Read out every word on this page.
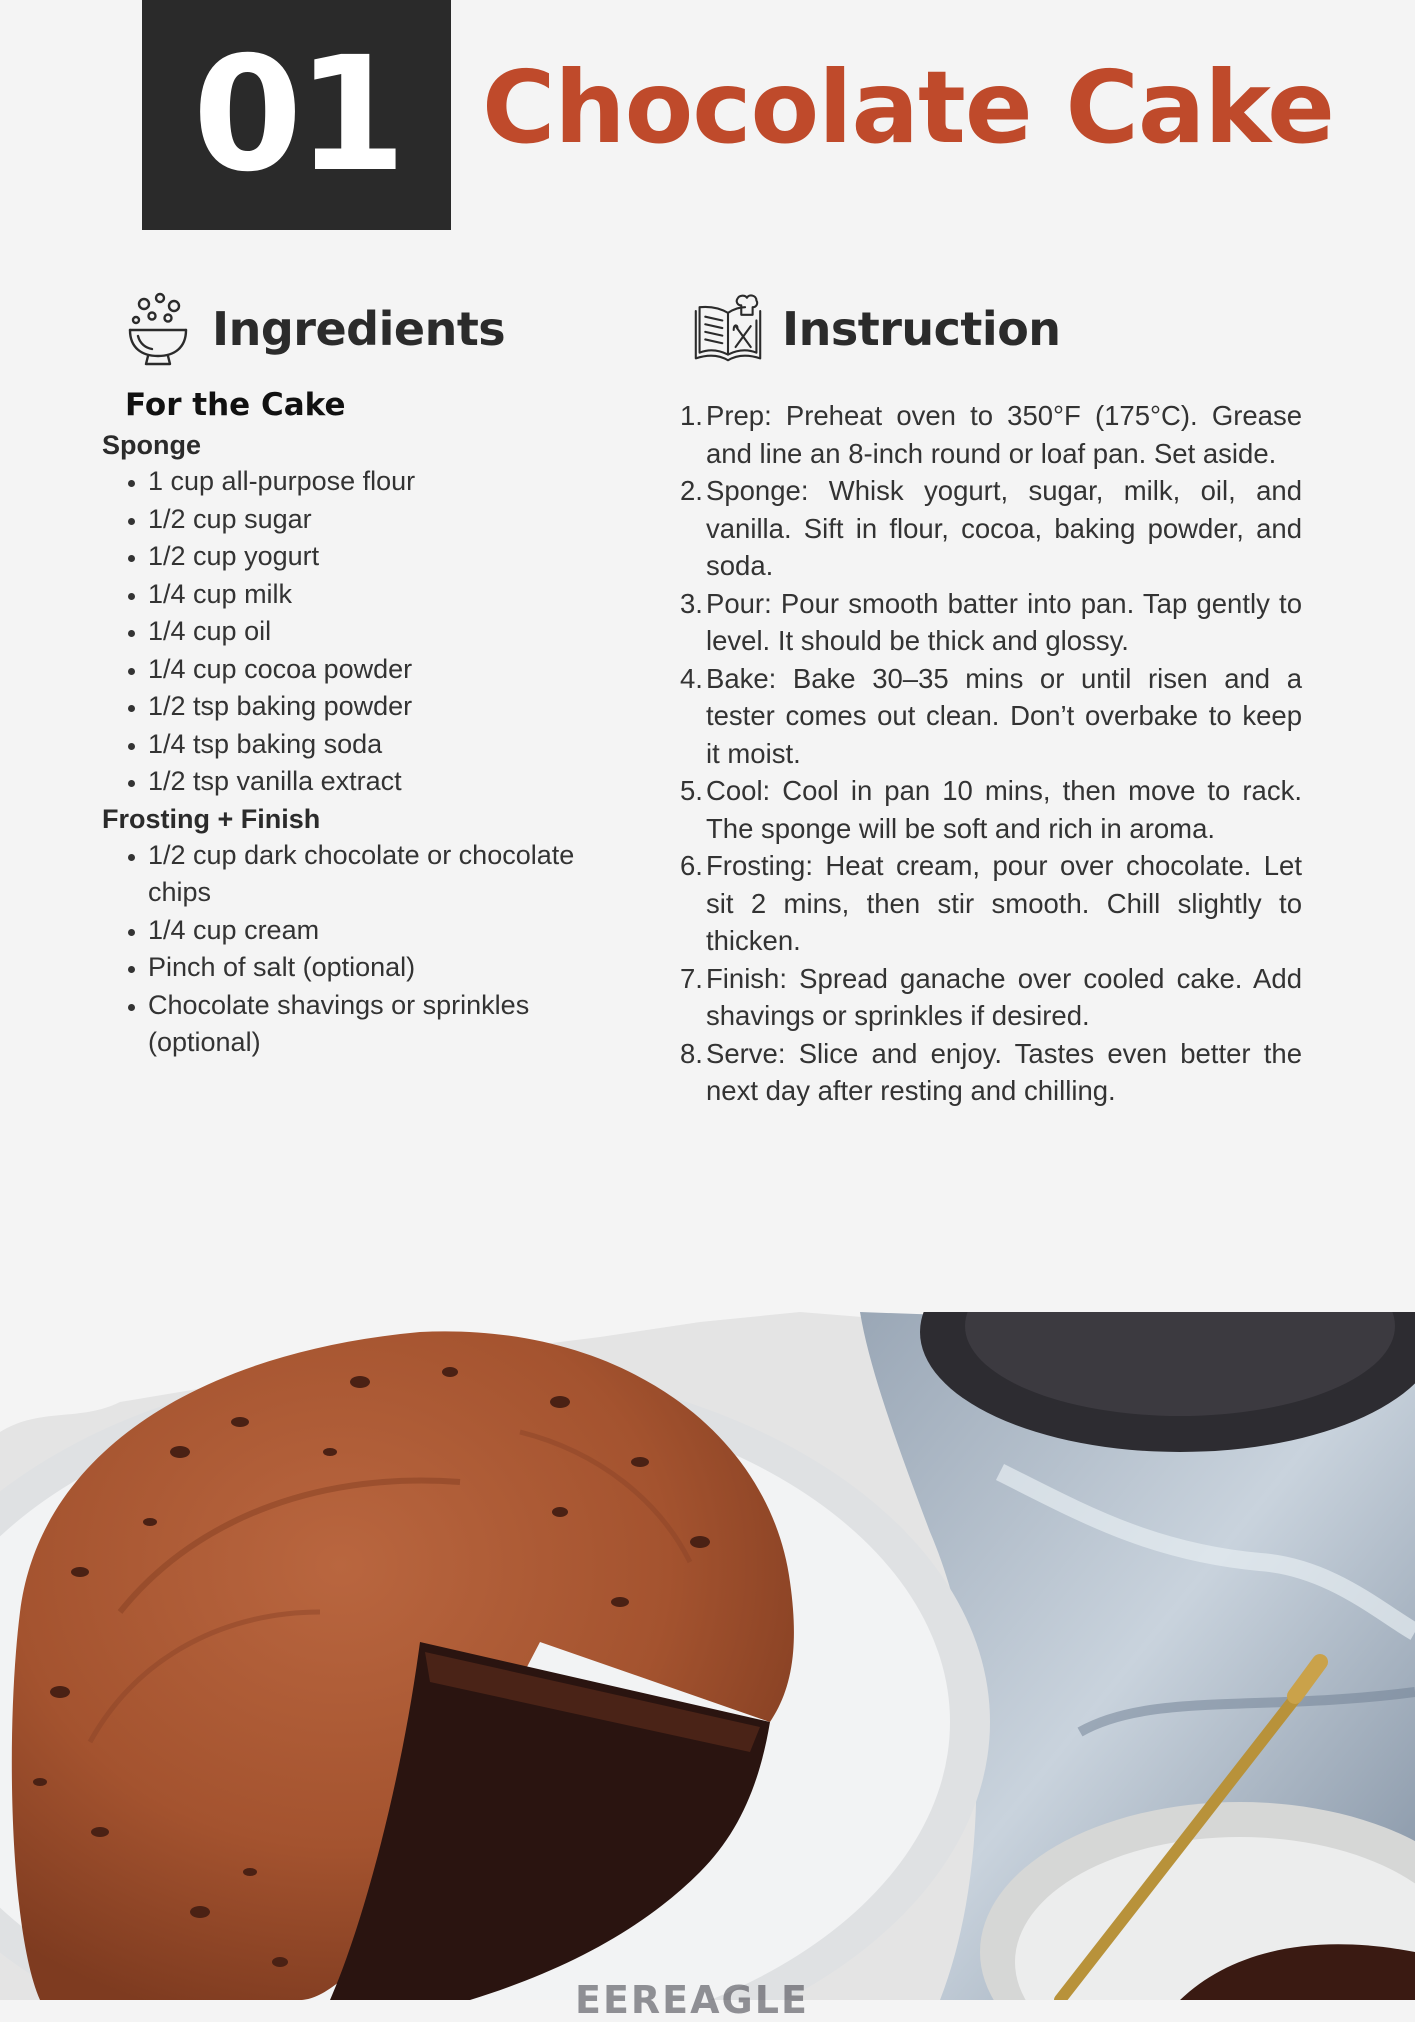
01 Chocolate Cake
Ingredients	Instruction
For the Cake
Sponge
• 1 cup all-purpose flour
• 1/2 cup sugar
• 1/2 cup yogurt
• 1/4 cup milk
• 1/4 cup oil
• 1/4 cup cocoa powder
• 1/2 tsp baking powder
• 1/4 tsp baking soda
• 1/2 tsp vanilla extract
Frosting + Finish
• 1/2 cup dark chocolate or chocolate chips
• 1/4 cup cream
• Pinch of salt (optional)
• Chocolate shavings or sprinkles (optional)
1. Prep: Preheat oven to 350°F (175°C). Grease and line an 8-inch round or loaf pan. Set aside.
2. Sponge: Whisk yogurt, sugar, milk, oil, and vanilla. Sift in flour, cocoa, baking powder, and soda.
3. Pour: Pour smooth batter into pan. Tap gently to level. It should be thick and glossy.
4. Bake: Bake 30–35 mins or until risen and a tester comes out clean. Don’t overbake to keep it moist.
5. Cool: Cool in pan 10 mins, then move to rack. The sponge will be soft and rich in aroma.
6. Frosting: Heat cream, pour over chocolate. Let sit 2 mins, then stir smooth. Chill slightly to thicken.
7. Finish: Spread ganache over cooled cake. Add shavings or sprinkles if desired.
8. Serve: Slice and enjoy. Tastes even better the next day after resting and chilling.
EEREAGLE
